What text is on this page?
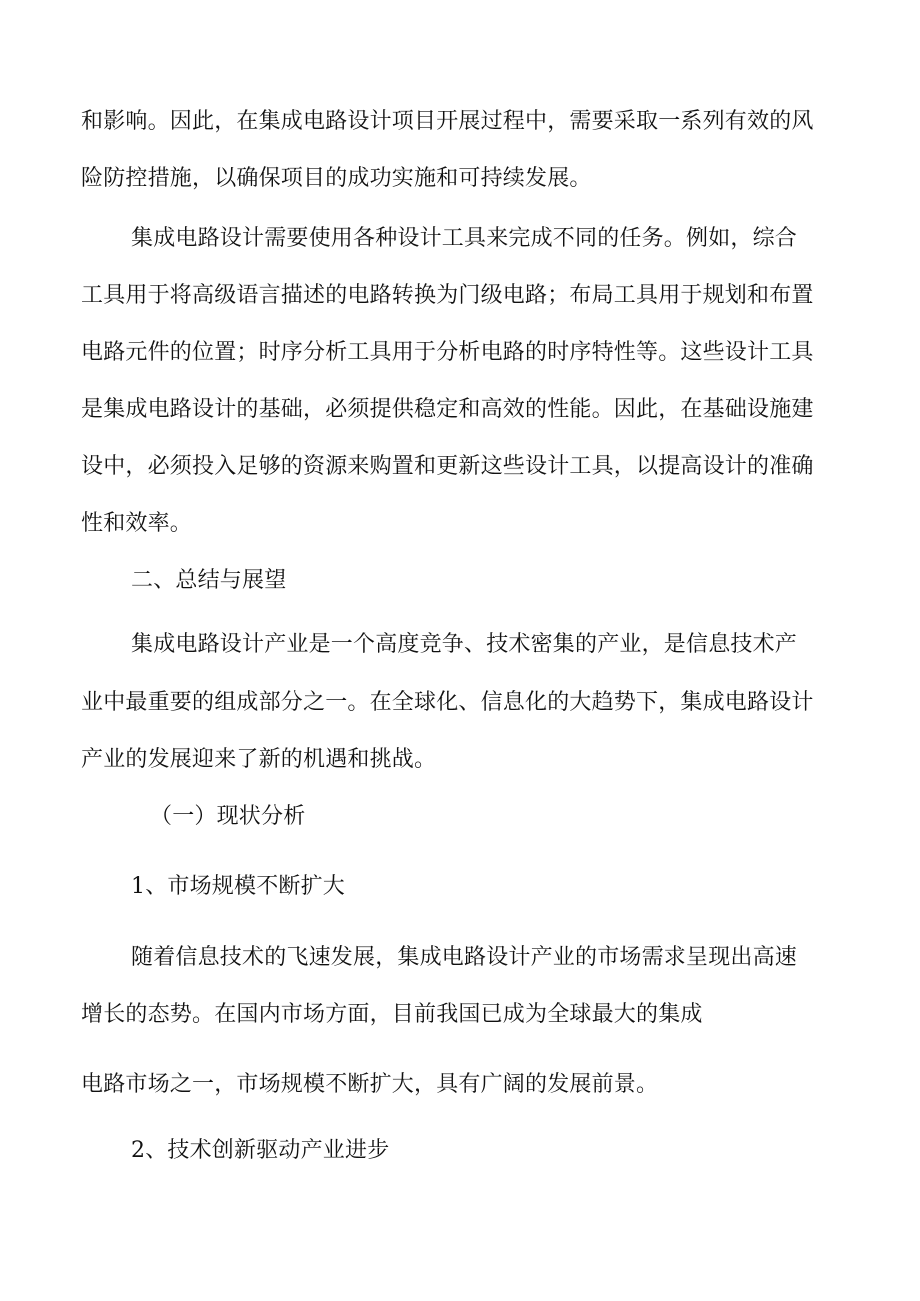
和影响。因此，在集成电路设计项目开展过程中，需要采取一系列有效的风

险防控措施，以确保项目的成功实施和可持续发展。

集成电路设计需要使用各种设计工具来完成不同的任务。例如，综合

工具用于将高级语言描述的电路转换为门级电路；布局工具用于规划和布置

电路元件的位置；时序分析工具用于分析电路的时序特性等。这些设计工具

是集成电路设计的基础，必须提供稳定和高效的性能。因此，在基础设施建

设中，必须投入足够的资源来购置和更新这些设计工具，以提高设计的准确

性和效率。

二、总结与展望

集成电路设计产业是一个高度竞争、技术密集的产业，是信息技术产

业中最重要的组成部分之一。在全球化、信息化的大趋势下，集成电路设计

产业的发展迎来了新的机遇和挑战。

（一）现状分析

1、市场规模不断扩大

随着信息技术的飞速发展，集成电路设计产业的市场需求呈现出高速

增长的态势。在国内市场方面，目前我国已成为全球最大的集成

电路市场之一，市场规模不断扩大，具有广阔的发展前景。

2、技术创新驱动产业进步
